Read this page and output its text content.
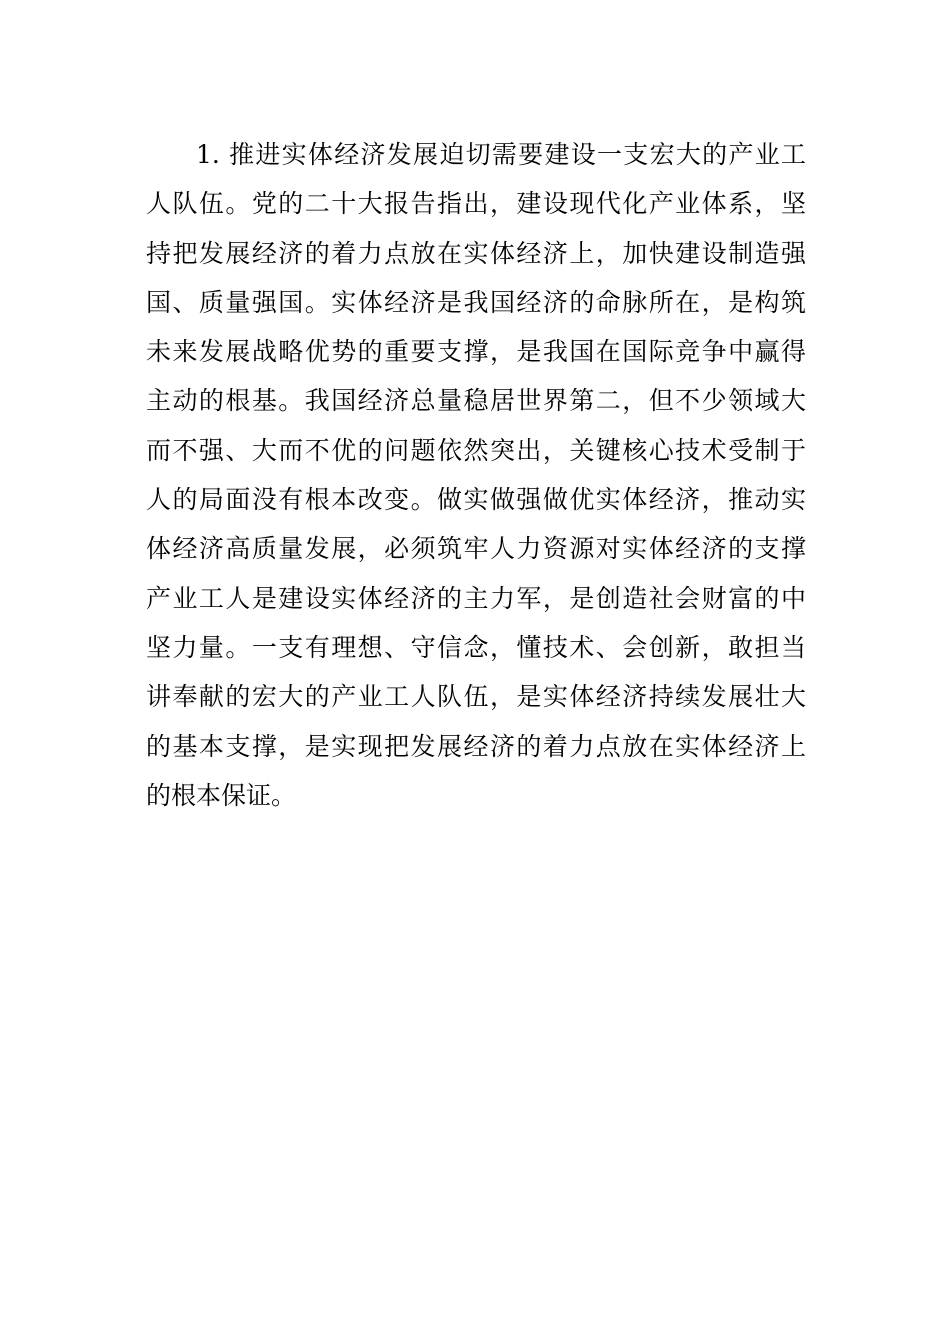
1. 推进实体经济发展迫切需要建设一支宏大的产业工
人队伍。党的二十大报告指出，建设现代化产业体系，坚
持把发展经济的着力点放在实体经济上，加快建设制造强
国、质量强国。实体经济是我国经济的命脉所在，是构筑
未来发展战略优势的重要支撑，是我国在国际竞争中赢得
主动的根基。我国经济总量稳居世界第二，但不少领域大
而不强、大而不优的问题依然突出，关键核心技术受制于
人的局面没有根本改变。做实做强做优实体经济，推动实
体经济高质量发展，必须筑牢人力资源对实体经济的支撑
产业工人是建设实体经济的主力军，是创造社会财富的中
坚力量。一支有理想、守信念，懂技术、会创新，敢担当
讲奉献的宏大的产业工人队伍，是实体经济持续发展壮大
的基本支撑，是实现把发展经济的着力点放在实体经济上
的根本保证。
